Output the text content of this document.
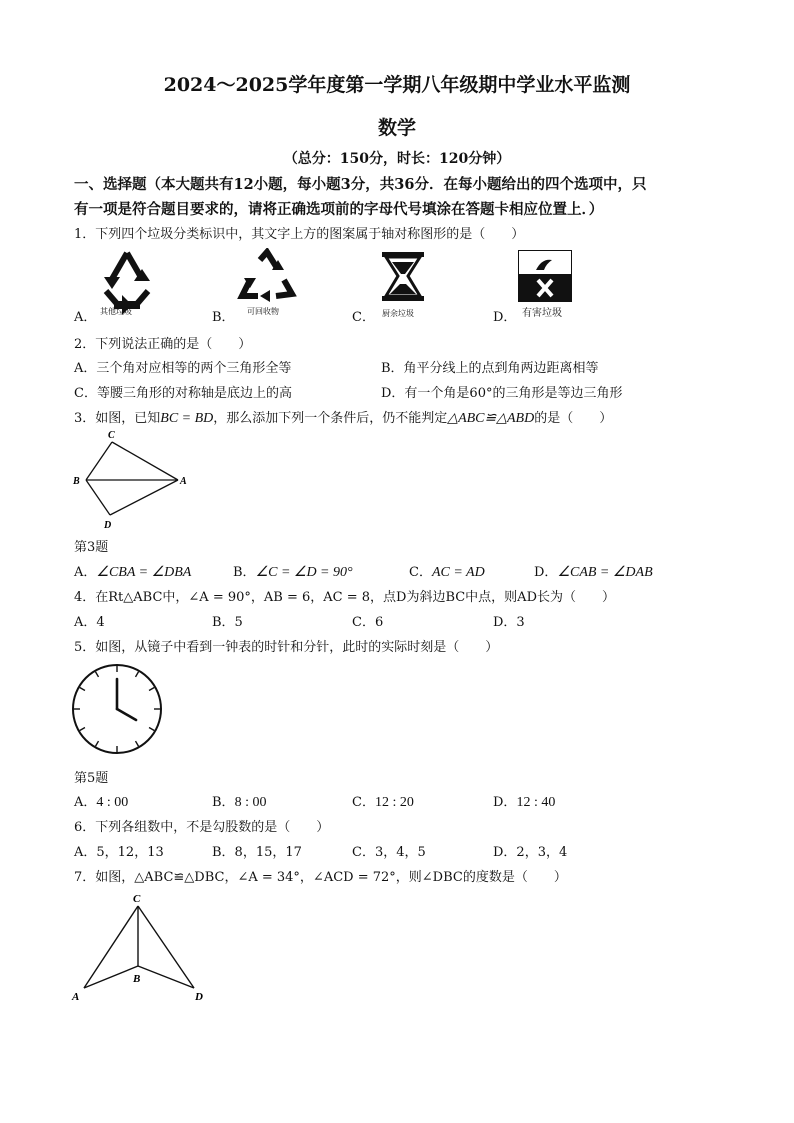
2024～2025学年度第一学期八年级期中学业水平监测
数学
（总分：150分，时长：120分钟）
一、选择题（本大题共有12小题，每小题3分，共36分．在每小题给出的四个选项中，只
有一项是符合题目要求的，请将正确选项前的字母代号填涂在答题卡相应位置上．）
1．下列四个垃圾分类标识中，其文字上方的图案属于轴对称图形的是（　　）
其他垃圾
A．	B． 可回收物	C． 厨余垃圾	D． 有害垃圾
2．下列说法正确的是（　　）
A．三个角对应相等的两个三角形全等	B．角平分线上的点到角两边距离相等
C．等腰三角形的对称轴是底边上的高	D．有一个角是60°的三角形是等边三角形
3．如图，已知BC = BD，那么添加下列一个条件后，仍不能判定△ABC≌△ABD的是（　　）
C
B	A
D
第3题
A．∠CBA = ∠DBA	B．∠C = ∠D = 90°	C．AC = AD	D．∠CAB = ∠DAB
4．在Rt△ABC中，∠A = 90°，AB = 6，AC = 8，点D为斜边BC中点，则AD长为（　　）
A．4	B．5	C．6	D．3
5．如图，从镜子中看到一钟表的时针和分针，此时的实际时刻是（　　）
第5题
A．4 : 00	B．8 : 00	C．12 : 20	D．12 : 40
6．下列各组数中，不是勾股数的是（　　）
A．5，12，13	B．8，15，17	C．3，4，5	D．2，3，4
7．如图，△ABC≌△DBC，∠A = 34°，∠ACD = 72°，则∠DBC的度数是（　　）
C
B
A	D
